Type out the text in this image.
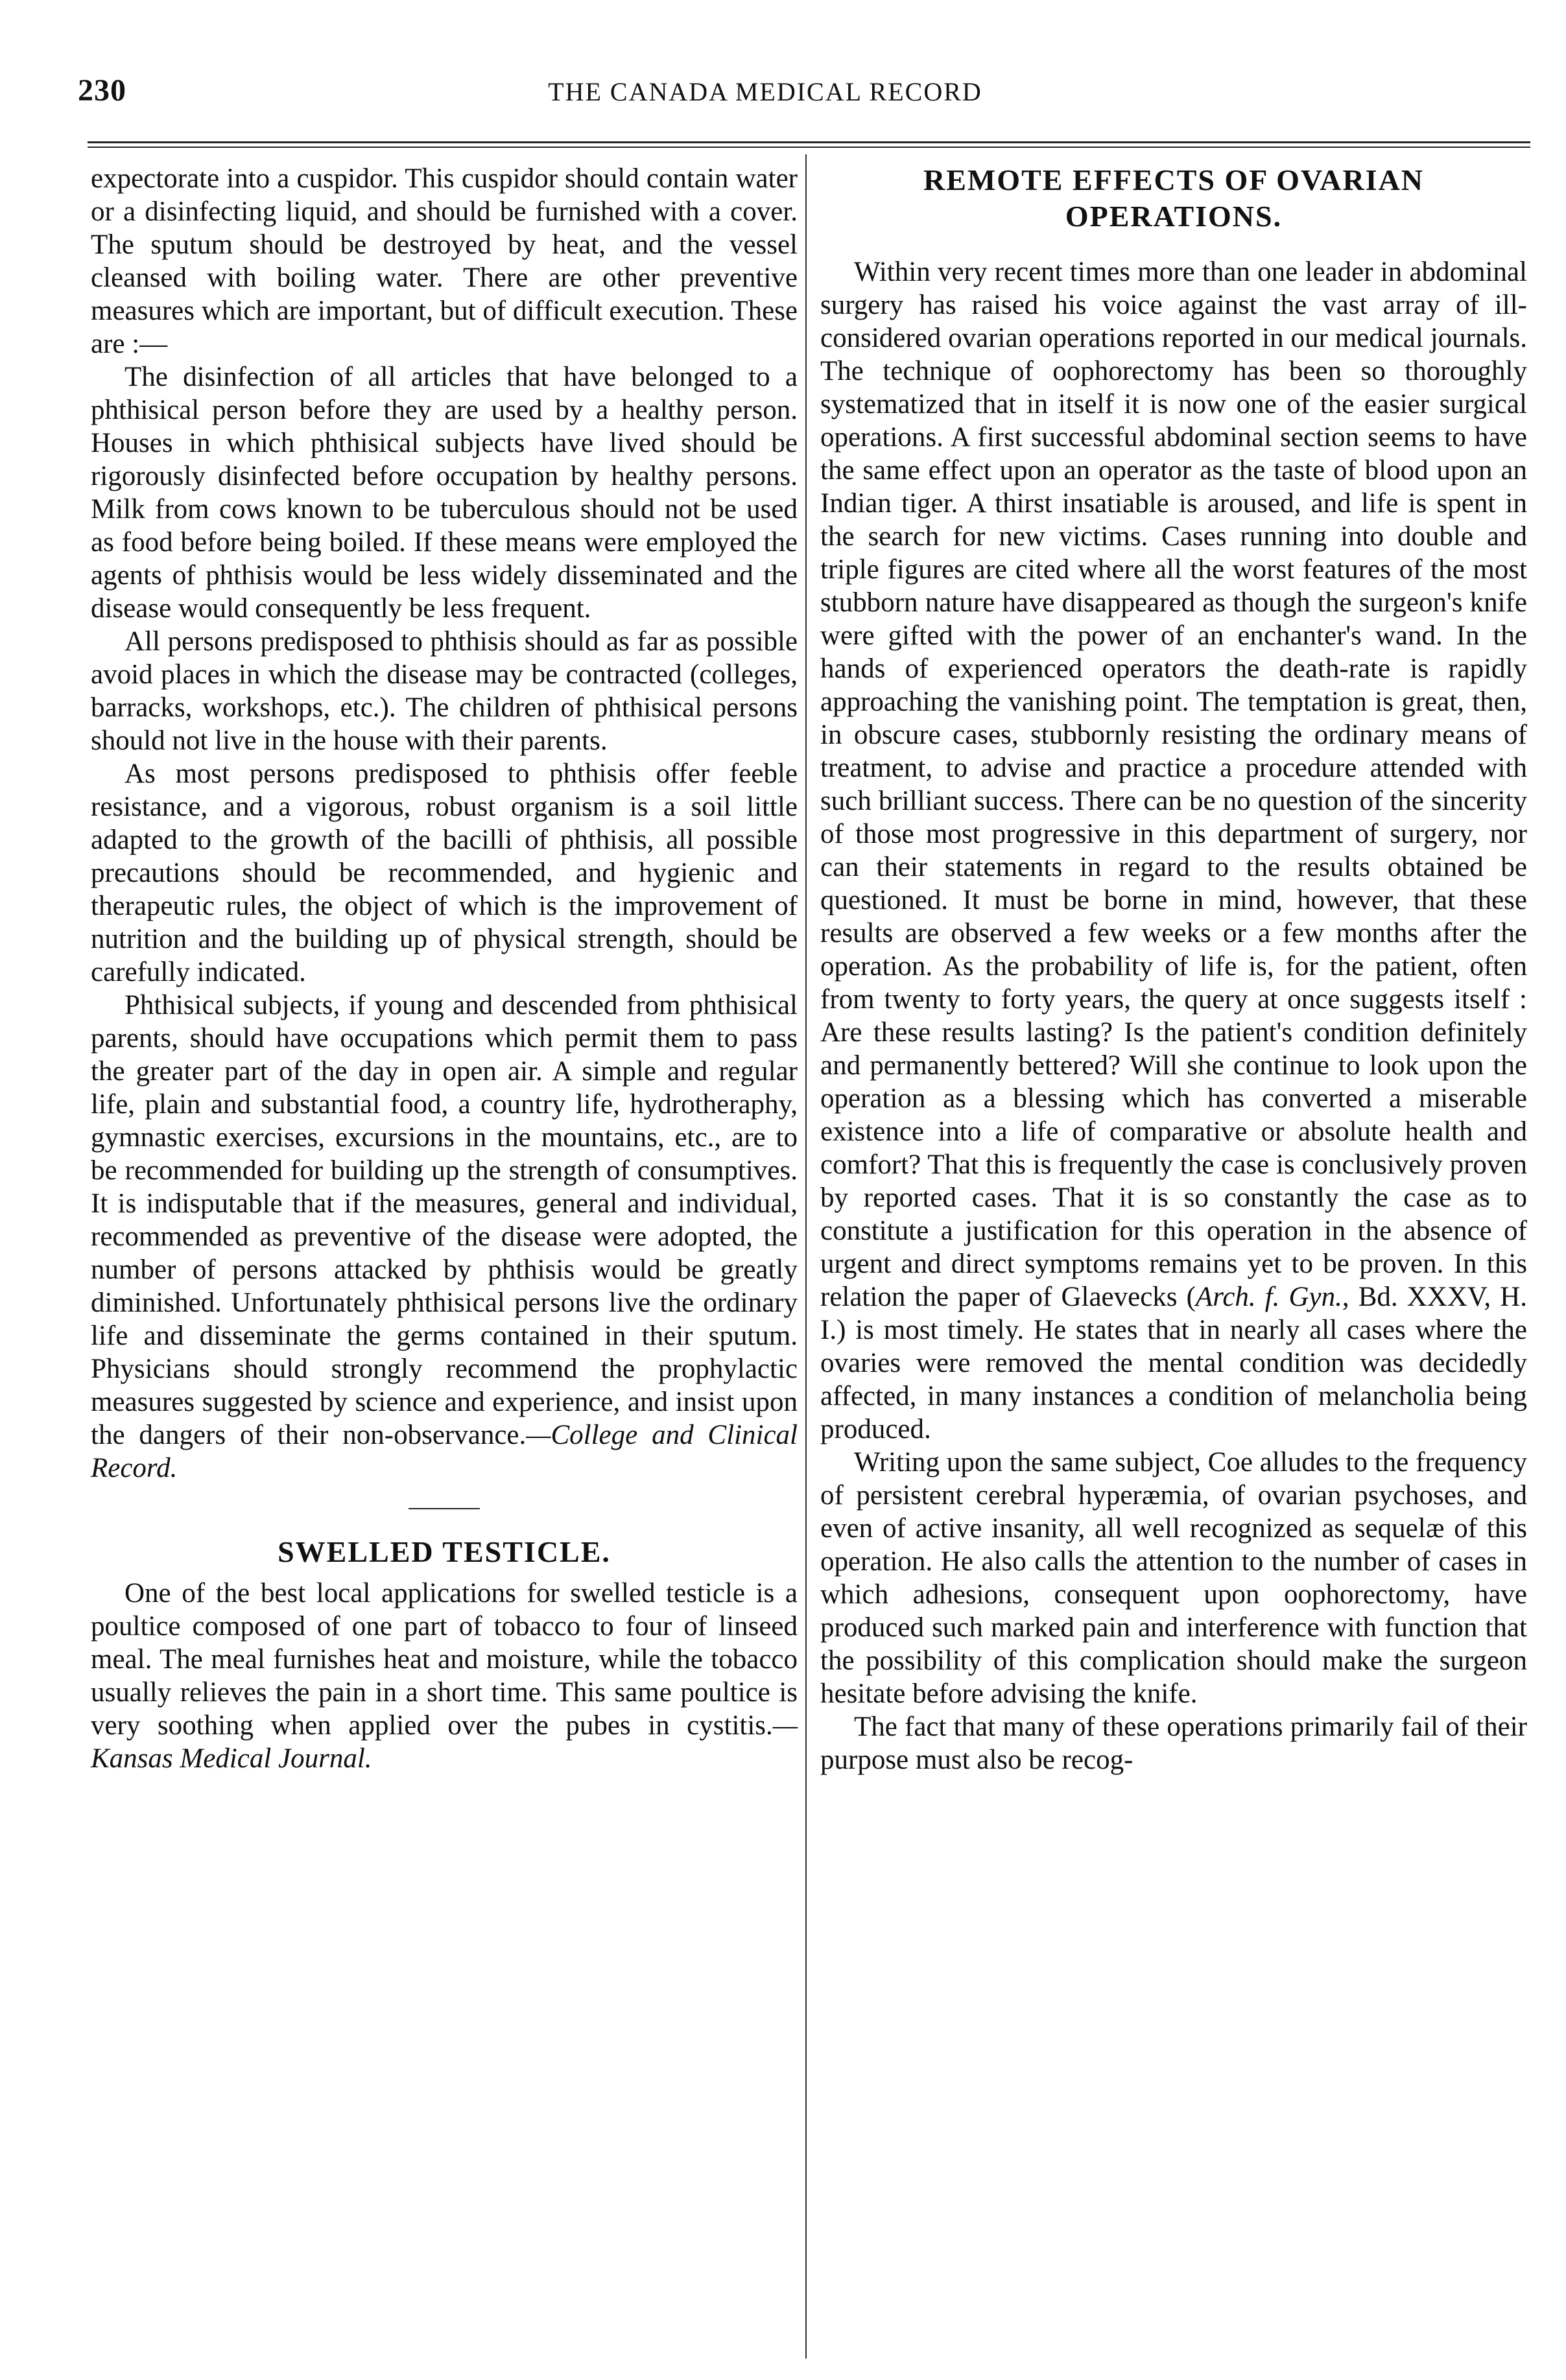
230	THE CANADA MEDICAL RECORD

expectorate into a cuspidor. This cuspidor should contain water or a disinfecting liquid, and should be furnished with a cover. The sputum should be destroyed by heat, and the vessel cleansed with boiling water. There are other preventive measures which are important, but of difficult execution. These are :—

The disinfection of all articles that have belonged to a phthisical person before they are used by a healthy person. Houses in which phthisical subjects have lived should be rigorously disinfected before occupation by healthy persons. Milk from cows known to be tuberculous should not be used as food before being boiled. If these means were employed the agents of phthisis would be less widely disseminated and the disease would consequently be less frequent.

All persons predisposed to phthisis should as far as possible avoid places in which the disease may be contracted (colleges, barracks, workshops, etc.). The children of phthisical persons should not live in the house with their parents.

As most persons predisposed to phthisis offer feeble resistance, and a vigorous, robust organism is a soil little adapted to the growth of the bacilli of phthisis, all possible precautions should be recommended, and hygienic and therapeutic rules, the object of which is the improvement of nutrition and the building up of physical strength, should be carefully indicated.

Phthisical subjects, if young and descended from phthisical parents, should have occupations which permit them to pass the greater part of the day in open air. A simple and regular life, plain and substantial food, a country life, hydrotheraphy, gymnastic exercises, excursions in the mountains, etc., are to be recommended for building up the strength of consumptives. It is indisputable that if the measures, general and individual, recommended as preventive of the disease were adopted, the number of persons attacked by phthisis would be greatly diminished. Unfortunately phthisical persons live the ordinary life and disseminate the germs contained in their sputum. Physicians should strongly recommend the prophylactic measures suggested by science and experience, and insist upon the dangers of their non-observance.—College and Clinical Record.

SWELLED TESTICLE.

One of the best local applications for swelled testicle is a poultice composed of one part of tobacco to four of linseed meal. The meal furnishes heat and moisture, while the tobacco usually relieves the pain in a short time. This same poultice is very soothing when applied over the pubes in cystitis.—Kansas Medical Journal.

REMOTE EFFECTS OF OVARIAN OPERATIONS.

Within very recent times more than one leader in abdominal surgery has raised his voice against the vast array of ill-considered ovarian operations reported in our medical journals. The technique of oophorectomy has been so thoroughly systematized that in itself it is now one of the easier surgical operations. A first successful abdominal section seems to have the same effect upon an operator as the taste of blood upon an Indian tiger. A thirst insatiable is aroused, and life is spent in the search for new victims. Cases running into double and triple figures are cited where all the worst features of the most stubborn nature have disappeared as though the surgeon's knife were gifted with the power of an enchanter's wand. In the hands of experienced operators the death-rate is rapidly approaching the vanishing point. The temptation is great, then, in obscure cases, stubbornly resisting the ordinary means of treatment, to advise and practice a procedure attended with such brilliant success. There can be no question of the sincerity of those most progressive in this department of surgery, nor can their statements in regard to the results obtained be questioned. It must be borne in mind, however, that these results are observed a few weeks or a few months after the operation. As the probability of life is, for the patient, often from twenty to forty years, the query at once suggests itself : Are these results lasting? Is the patient's condition definitely and permanently bettered? Will she continue to look upon the operation as a blessing which has converted a miserable existence into a life of comparative or absolute health and comfort? That this is frequently the case is conclusively proven by reported cases. That it is so constantly the case as to constitute a justification for this operation in the absence of urgent and direct symptoms remains yet to be proven. In this relation the paper of Glaevecks (Arch. f. Gyn., Bd. XXXV, H. I.) is most timely. He states that in nearly all cases where the ovaries were removed the mental condition was decidedly affected, in many instances a condition of melancholia being produced.

Writing upon the same subject, Coe alludes to the frequency of persistent cerebral hyperæmia, of ovarian psychoses, and even of active insanity, all well recognized as sequelæ of this operation. He also calls the attention to the number of cases in which adhesions, consequent upon oophorectomy, have produced such marked pain and interference with function that the possibility of this complication should make the surgeon hesitate before advising the knife.

The fact that many of these operations primarily fail of their purpose must also be recog-
